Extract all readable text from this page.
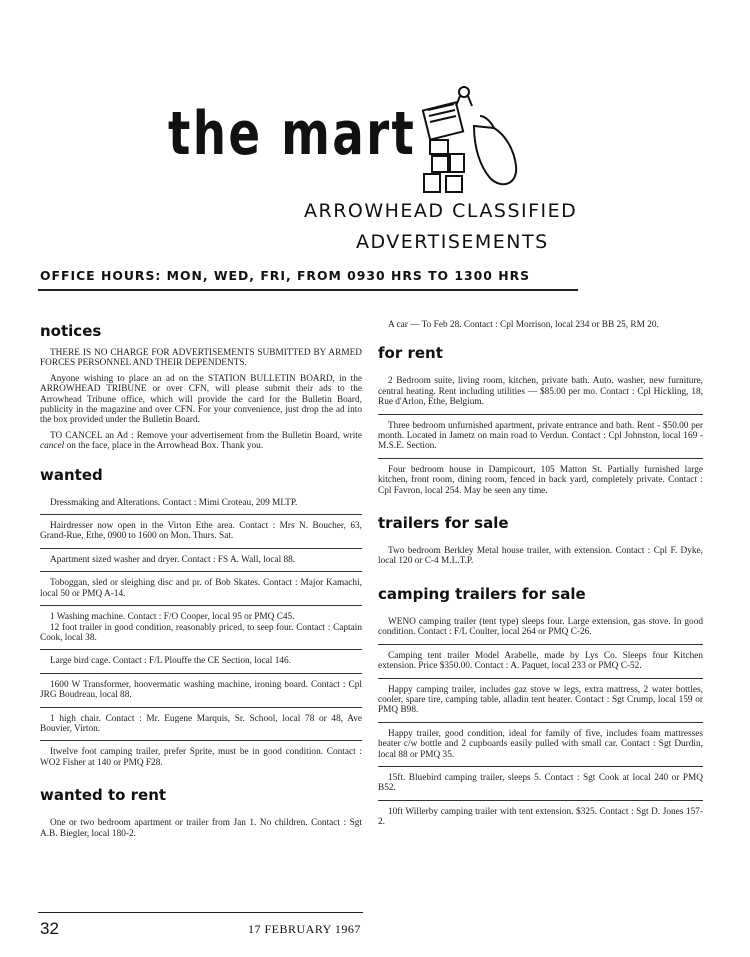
the mart
ARROWHEAD CLASSIFIED
ADVERTISEMENTS
OFFICE HOURS: MON, WED, FRI, FROM 0930 HRS TO 1300 HRS
notices

THERE IS NO CHARGE FOR ADVERTISEMENTS SUBMITTED BY ARMED FORCES PERSONNEL AND THEIR DEPENDENTS.

Anyone wishing to place an ad on the STATION BULLETIN BOARD, in the ARROWHEAD TRIBUNE or over CFN, will please submit their ads to the Arrowhead Tribune office, which will provide the card for the Bulletin Board, publicity in the magazine and over CFN. For your convenience, just drop the ad into the box provided under the Bulletin Board.

TO CANCEL an Ad : Remove your advertisement from the Bulletin Board, write cancel on the face, place in the Arrowhead Box. Thank you.

wanted
Dressmaking and Alterations. Contact : Mimi Croteau, 209 MLTP.
Hairdresser now open in the Virton Ethe area. Contact : Mrs N. Boucher, 63, Grand-Rue, Ethe, 0900 to 1600 on Mon. Thurs. Sat.
Apartment sized washer and dryer. Contact : FS A. Wall, local 88.
Toboggan, sled or sleighing disc and pr. of Bob Skates. Contact : Major Kamachi, local 50 or PMQ A-14.
1 Washing machine. Contact : F/O Cooper, local 95 or PMQ C45.
12 foot trailer in good condition, reasonably priced, to seep four. Contact : Captain Cook, local 38.
Large bird cage. Contact : F/L Plouffe the CE Section, local 146.
1600 W Transformer, hoovermatic washing machine, ironing board. Contact : Cpl JRG Boudreau, local 88.
1 high chair. Contact : Mr. Eugene Marquis, Sr. School, local 78 or 48, Ave Bouvier, Virton.
Itwelve foot camping trailer, prefer Sprite, must be in good condition. Contact : WO2 Fisher at 140 or PMQ F28.
wanted to rent
One or two bedroom apartment or trailer from Jan 1. No children. Contact : Sgt A.B. Biegler, local 180-2.
A car — To Feb 28. Contact : Cpl Morrison, local 234 or BB 25, RM 20.
for rent
2 Bedroom suite, living room, kitchen, private bath. Auto. washer, new furniture, central heating. Rent including utilities — $85.00 per mo. Contact : Cpl Hickling, 18, Rue d'Arlon, Ethe, Belgium.
Three bedroom unfurnished apartment, private entrance and bath. Rent - $50.00 per month. Located in Jametz on main road to Verdun. Contact : Cpl Johnston, local 169 - M.S.E. Section.
Four bedroom house in Dampicourt, 105 Matton St. Partially furnished large kitchen, front room, dining room, fenced in back yard, completely private. Contact : Cpl Favron, local 254. May be seen any time.
trailers for sale
Two bedroom Berkley Metal house trailer, with extension. Contact : Cpl F. Dyke, local 120 or C-4 M.L.T.P.
camping trailers for sale
WENO camping trailer (tent type) sleeps four. Large extension, gas stove. In good condition. Contact : F/L Coulter, local 264 or PMQ C-26.
Camping tent trailer Model Arabelle, made by Lys Co. Sleeps four Kitchen extension. Price $350.00. Contact : A. Paquet, local 233 or PMQ C-52.
Happy camping trailer, includes gaz stove w legs, extra mattress, 2 water bottles, cooler, spare tire, camping table, alladin tent heater. Contact : Sgt Crump, local 159 or PMQ B98.
Happy trailer, good condition, ideal for family of five, includes foam mattresses heater c/w bottle and 2 cupboards easily pulled with small car. Contact : Sgt Durdin, local 88 or PMQ 35.
15ft. Bluebird camping trailer, sleeps 5. Contact : Sgt Cook at local 240 or PMQ B52.
10ft Willerby camping trailer with tent extension. $325. Contact : Sgt D. Jones 157-2.
32	17 FEBRUARY 1967
